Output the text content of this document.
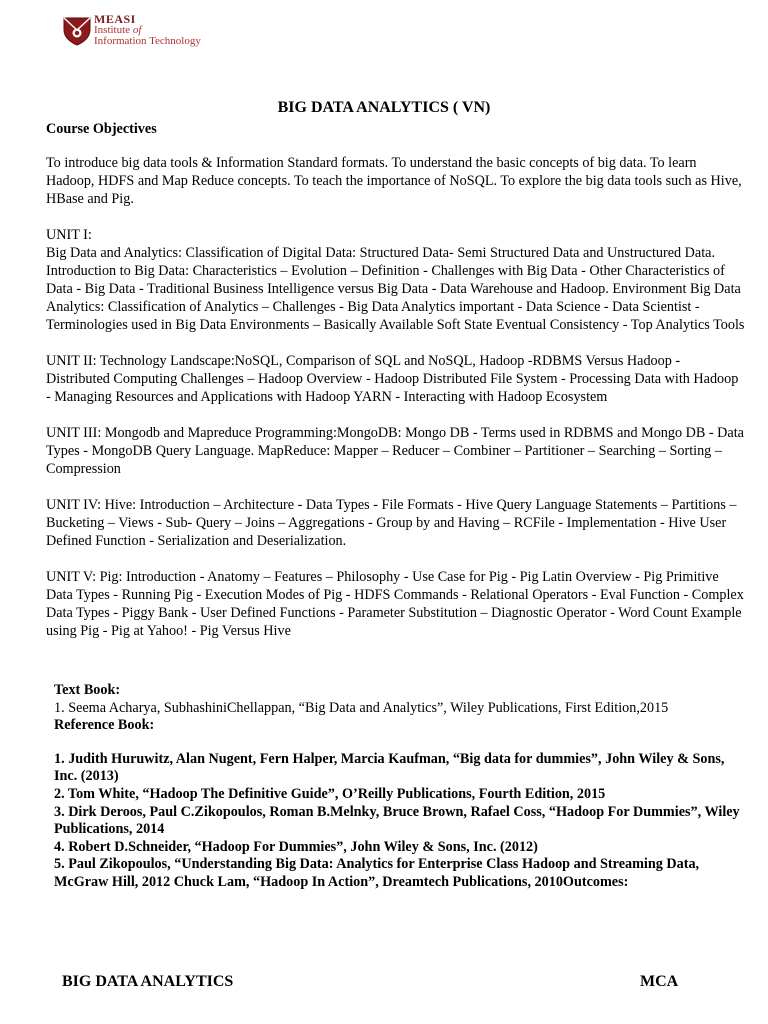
MEASI
Institute of
Information Technology
BIG DATA ANALYTICS ( VN)

Course Objectives

To introduce big data tools & Information Standard formats. To understand the basic concepts of big data. To learn Hadoop, HDFS and Map Reduce concepts. To teach the importance of NoSQL. To explore the big data tools such as Hive, HBase and Pig.

UNIT I:

Big Data and Analytics: Classification of Digital Data: Structured Data- Semi Structured Data and Unstructured Data. Introduction to Big Data: Characteristics – Evolution – Definition - Challenges with Big Data - Other Characteristics of Data - Big Data - Traditional Business Intelligence versus Big Data - Data Warehouse and Hadoop. Environment Big Data Analytics: Classification of Analytics – Challenges - Big Data Analytics important - Data Science - Data Scientist - Terminologies used in Big Data Environments – Basically Available Soft State Eventual Consistency - Top Analytics Tools

UNIT II: Technology Landscape:NoSQL, Comparison of SQL and NoSQL, Hadoop -RDBMS Versus Hadoop - Distributed Computing Challenges – Hadoop Overview - Hadoop Distributed File System - Processing Data with Hadoop - Managing Resources and Applications with Hadoop YARN - Interacting with Hadoop Ecosystem

UNIT III: Mongodb and Mapreduce Programming:MongoDB: Mongo DB - Terms used in RDBMS and Mongo DB - Data Types - MongoDB Query Language. MapReduce: Mapper – Reducer – Combiner – Partitioner – Searching – Sorting – Compression

UNIT IV: Hive: Introduction – Architecture - Data Types - File Formats - Hive Query Language Statements – Partitions – Bucketing – Views - Sub- Query – Joins – Aggregations - Group by and Having – RCFile - Implementation - Hive User Defined Function - Serialization and Deserialization.

UNIT V: Pig: Introduction - Anatomy – Features – Philosophy - Use Case for Pig - Pig Latin Overview - Pig Primitive Data Types - Running Pig - Execution Modes of Pig - HDFS Commands - Relational Operators - Eval Function - Complex Data Types - Piggy Bank - User Defined Functions - Parameter Substitution – Diagnostic Operator - Word Count Example using Pig - Pig at Yahoo! - Pig Versus Hive

Text Book:

1. Seema Acharya, SubhashiniChellappan, “Big Data and Analytics”, Wiley Publications, First Edition,2015

Reference Book:

1. Judith Huruwitz, Alan Nugent, Fern Halper, Marcia Kaufman, “Big data for dummies”, John Wiley & Sons, Inc. (2013)

2. Tom White, “Hadoop The Definitive Guide”, O’Reilly Publications, Fourth Edition, 2015

3. Dirk Deroos, Paul C.Zikopoulos, Roman B.Melnky, Bruce Brown, Rafael Coss, “Hadoop For Dummies”, Wiley Publications, 2014

4. Robert D.Schneider, “Hadoop For Dummies”, John Wiley & Sons, Inc. (2012)

5. Paul Zikopoulos, “Understanding Big Data: Analytics for Enterprise Class Hadoop and Streaming Data, McGraw Hill, 2012 Chuck Lam, “Hadoop In Action”, Dreamtech Publications, 2010Outcomes:

BIG DATA ANALYTICS	MCA
